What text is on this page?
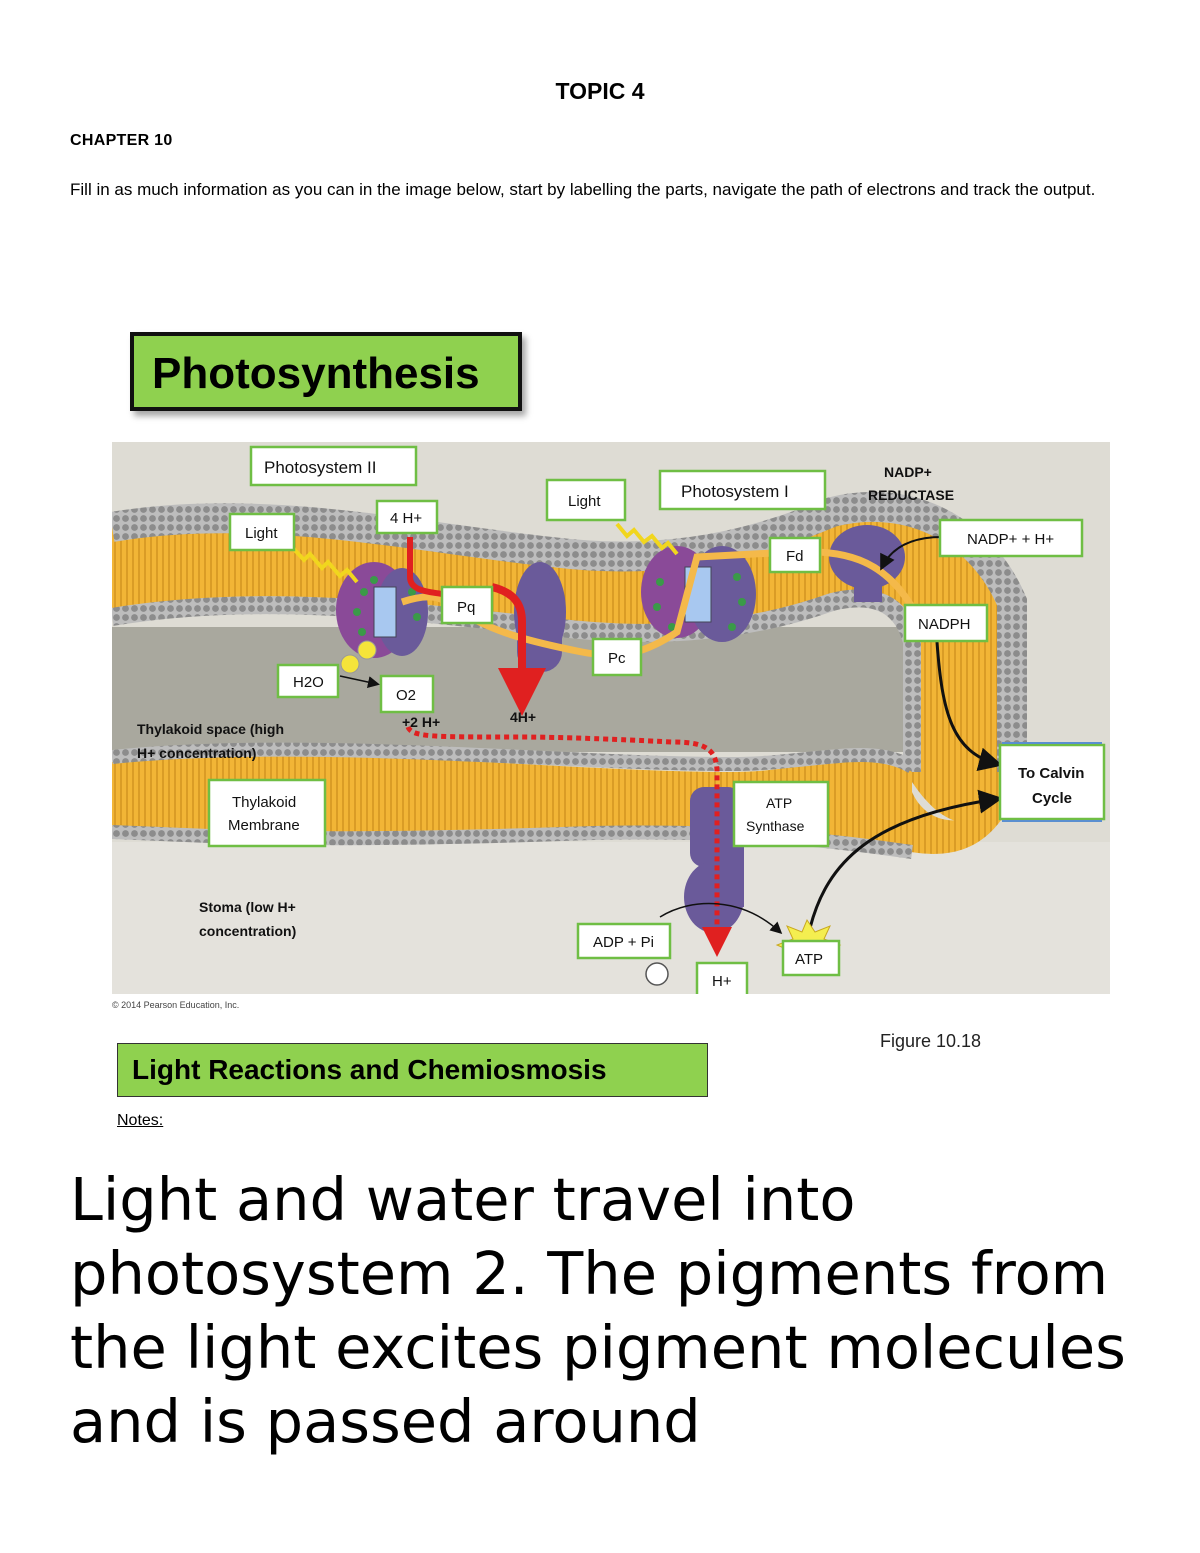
TOPIC 4
CHAPTER 10
Fill in as much information as you can in the image below, start by labelling the parts, navigate the path of electrons and track the output.
Photosynthesis
Photosystem II
Light
4 H+
Pq
H2O
O2
+2 H+	4H+
Light
Photosystem I
Fd
Pc
NADP+
REDUCTASE
NADP+ + H+
NADPH
To Calvin
Cycle
Thylakoid space (high
H+ concentration)
Thylakoid
Membrane
ATP
Synthase
Stoma (low H+
concentration)
ADP + Pi
ATP
H+
© 2014 Pearson Education, Inc.
Figure 10.18
Light Reactions and Chemiosmosis
Notes:
Light and water travel into photosystem 2. The pigments from the light excites pigment molecules and is passed around
